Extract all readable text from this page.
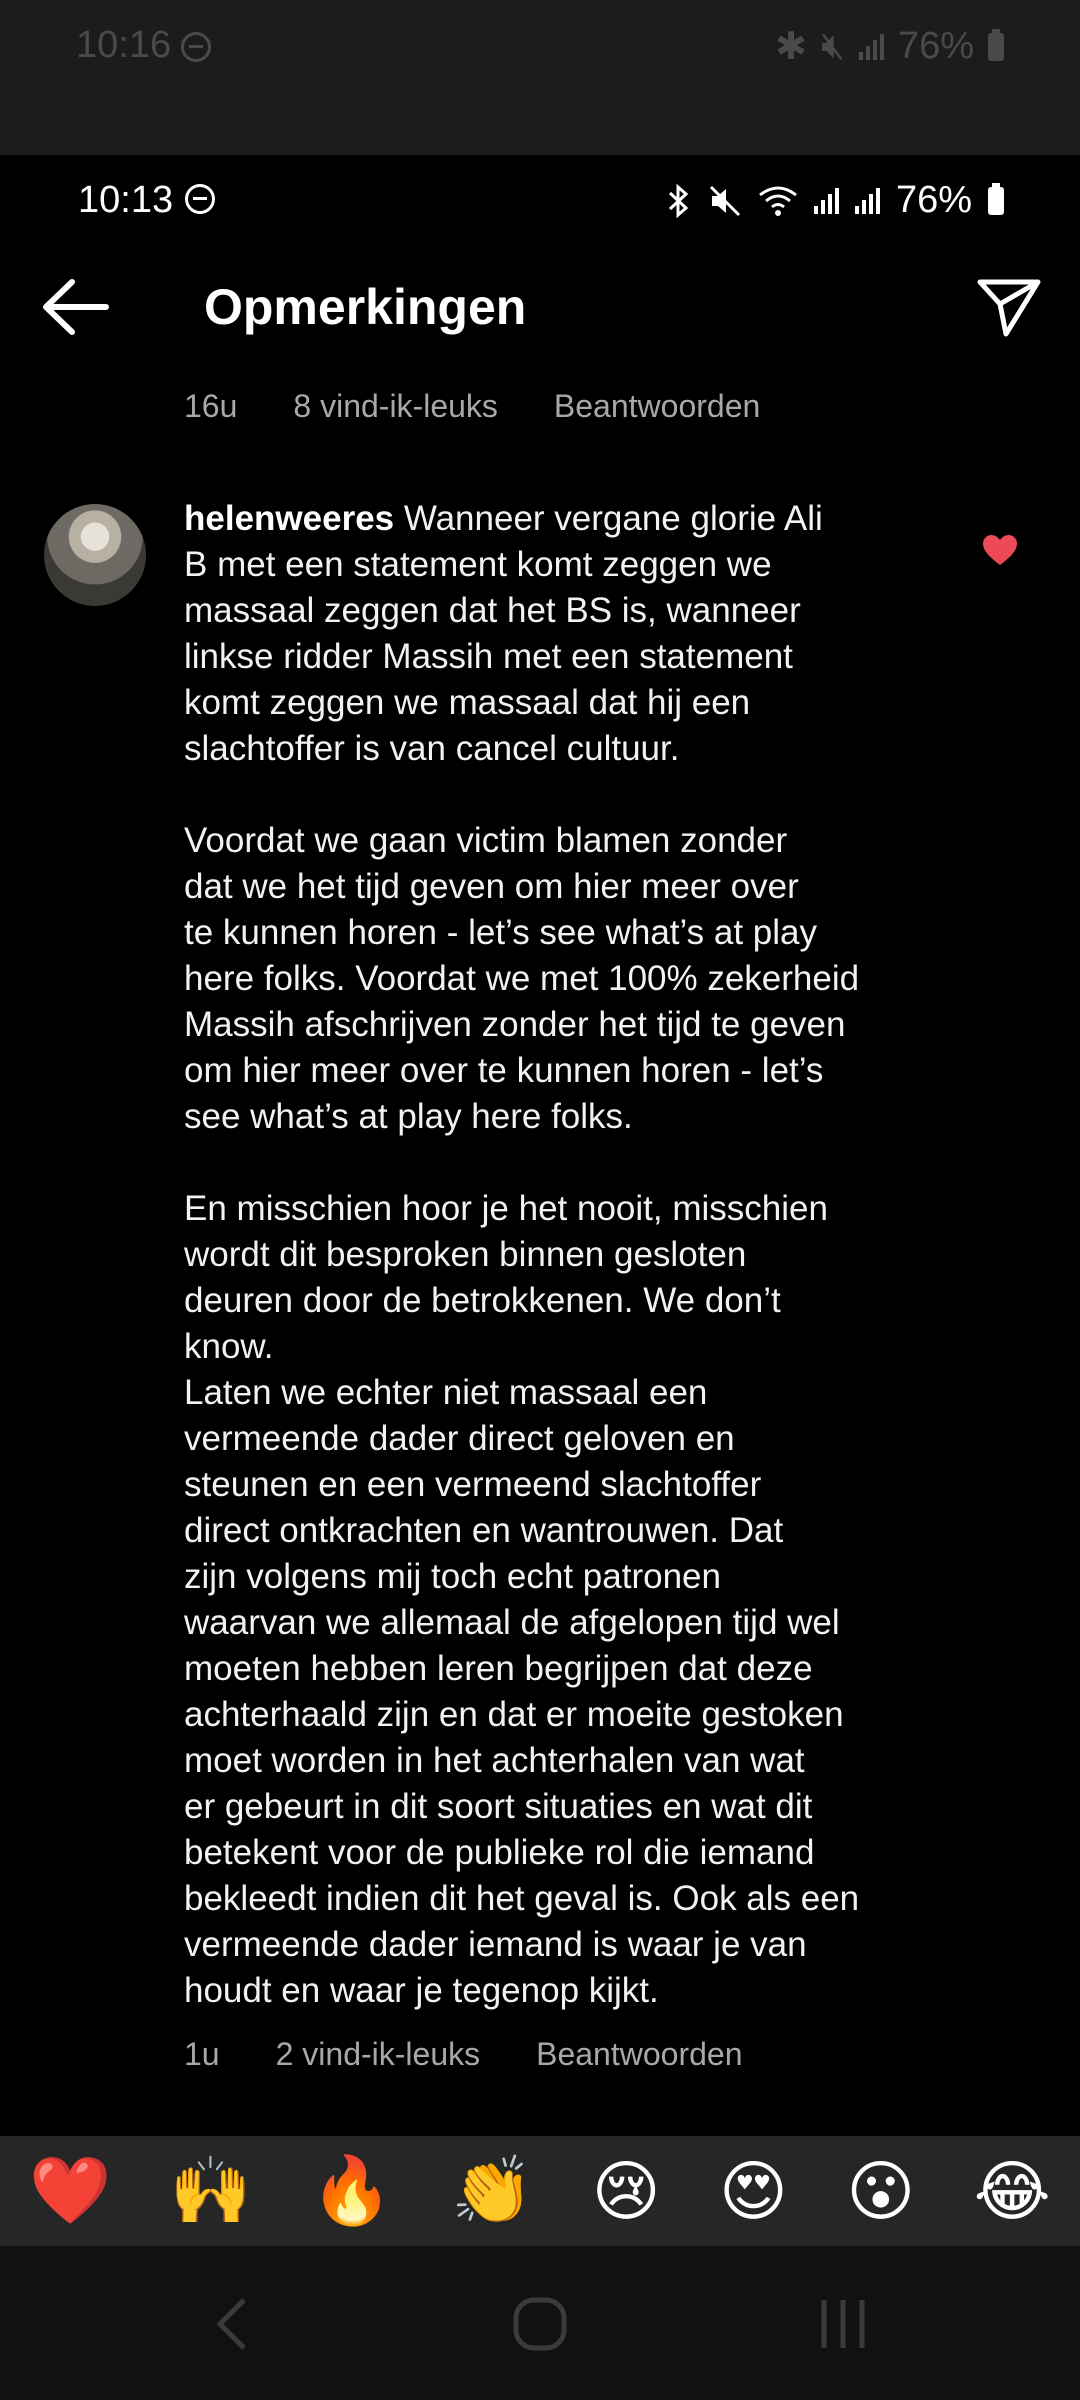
10:16	✱ 🔇︎ 76%
10:13	76%
Opmerkingen
16u 8 vind-ik-leuks Beantwoorden
helenweeres Wanneer vergane glorie Ali
B met een statement komt zeggen we
massaal zeggen dat het BS is, wanneer
linkse ridder Massih met een statement
komt zeggen we massaal dat hij een
slachtoffer is van cancel cultuur.

Voordat we gaan victim blamen zonder
dat we het tijd geven om hier meer over
te kunnen horen - let’s see what’s at play
here folks. Voordat we met 100% zekerheid
Massih afschrijven zonder het tijd te geven
om hier meer over te kunnen horen - let’s
see what’s at play here folks.

En misschien hoor je het nooit, misschien
wordt dit besproken binnen gesloten
deuren door de betrokkenen. We don’t
know.
Laten we echter niet massaal een
vermeende dader direct geloven en
steunen en een vermeend slachtoffer
direct ontkrachten en wantrouwen. Dat
zijn volgens mij toch echt patronen
waarvan we allemaal de afgelopen tijd wel
moeten hebben leren begrijpen dat deze
achterhaald zijn en dat er moeite gestoken
moet worden in het achterhalen van wat
er gebeurt in dit soort situaties en wat dit
betekent voor de publieke rol die iemand
bekleedt indien dit het geval is. Ook als een
vermeende dader iemand is waar je van
houdt en waar je tegenop kijkt.
1u 2 vind-ik-leuks Beantwoorden
❤️ 🙌 🔥 👏 😢 😍 😮 😂
